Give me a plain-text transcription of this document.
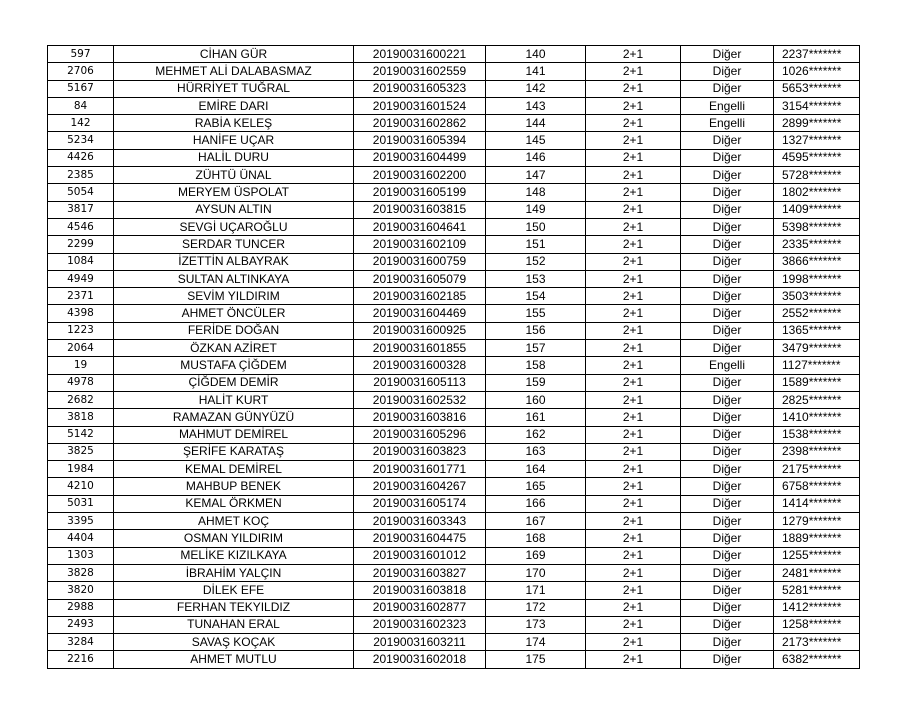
597	CİHAN GÜR	20190031600221	140	2+1	Diğer	2237*******
2706	MEHMET ALİ DALABASMAZ	20190031602559	141	2+1	Diğer	1026*******
5167	HÜRRİYET TUĞRAL	20190031605323	142	2+1	Diğer	5653*******
84	EMİRE DARI	20190031601524	143	2+1	Engelli	3154*******
142	RABİA KELEŞ	20190031602862	144	2+1	Engelli	2899*******
5234	HANİFE UÇAR	20190031605394	145	2+1	Diğer	1327*******
4426	HALİL DURU	20190031604499	146	2+1	Diğer	4595*******
2385	ZÜHTÜ ÜNAL	20190031602200	147	2+1	Diğer	5728*******
5054	MERYEM ÜSPOLAT	20190031605199	148	2+1	Diğer	1802*******
3817	AYSUN ALTIN	20190031603815	149	2+1	Diğer	1409*******
4546	SEVGİ UÇAROĞLU	20190031604641	150	2+1	Diğer	5398*******
2299	SERDAR TUNCER	20190031602109	151	2+1	Diğer	2335*******
1084	İZETTİN ALBAYRAK	20190031600759	152	2+1	Diğer	3866*******
4949	SULTAN ALTINKAYA	20190031605079	153	2+1	Diğer	1998*******
2371	SEVİM YILDIRIM	20190031602185	154	2+1	Diğer	3503*******
4398	AHMET ÖNCÜLER	20190031604469	155	2+1	Diğer	2552*******
1223	FERİDE DOĞAN	20190031600925	156	2+1	Diğer	1365*******
2064	ÖZKAN AZİRET	20190031601855	157	2+1	Diğer	3479*******
19	MUSTAFA ÇİĞDEM	20190031600328	158	2+1	Engelli	1127*******
4978	ÇİĞDEM DEMİR	20190031605113	159	2+1	Diğer	1589*******
2682	HALİT KURT	20190031602532	160	2+1	Diğer	2825*******
3818	RAMAZAN GÜNYÜZÜ	20190031603816	161	2+1	Diğer	1410*******
5142	MAHMUT DEMİREL	20190031605296	162	2+1	Diğer	1538*******
3825	ŞERİFE KARATAŞ	20190031603823	163	2+1	Diğer	2398*******
1984	KEMAL DEMİREL	20190031601771	164	2+1	Diğer	2175*******
4210	MAHBUP BENEK	20190031604267	165	2+1	Diğer	6758*******
5031	KEMAL ÖRKMEN	20190031605174	166	2+1	Diğer	1414*******
3395	AHMET KOÇ	20190031603343	167	2+1	Diğer	1279*******
4404	OSMAN YILDIRIM	20190031604475	168	2+1	Diğer	1889*******
1303	MELİKE KIZILKAYA	20190031601012	169	2+1	Diğer	1255*******
3828	İBRAHİM YALÇIN	20190031603827	170	2+1	Diğer	2481*******
3820	DİLEK EFE	20190031603818	171	2+1	Diğer	5281*******
2988	FERHAN TEKYILDIZ	20190031602877	172	2+1	Diğer	1412*******
2493	TUNAHAN ERAL	20190031602323	173	2+1	Diğer	1258*******
3284	SAVAŞ KOÇAK	20190031603211	174	2+1	Diğer	2173*******
2216	AHMET MUTLU	20190031602018	175	2+1	Diğer	6382*******
